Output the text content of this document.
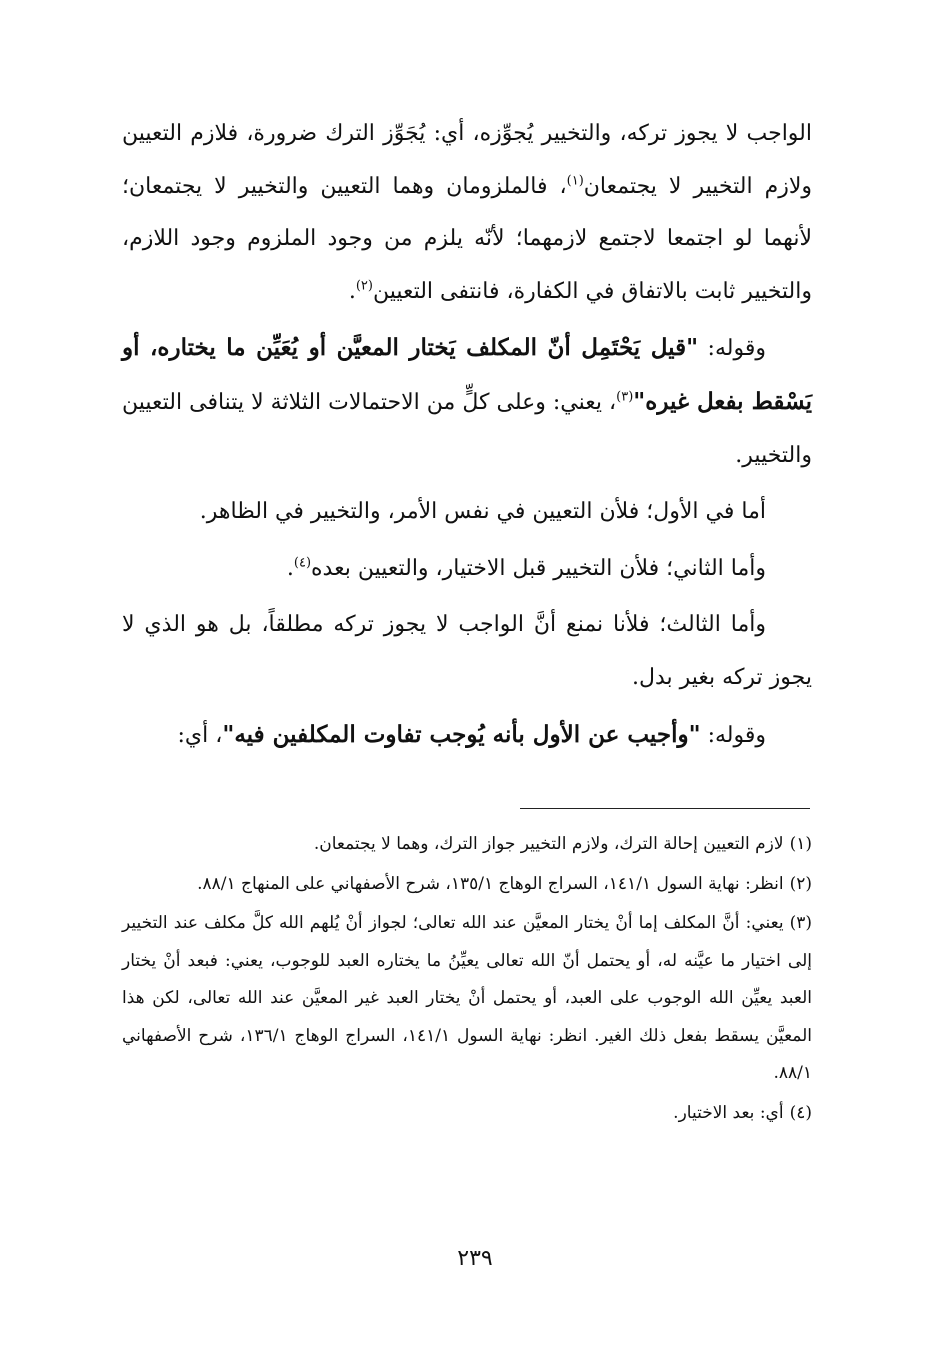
الواجب لا يجوز تركه، والتخيير يُجوِّزه، أي: يُجَوِّز الترك ضرورة، فلازم التعيين ولازم التخيير لا يجتمعان$^{(١)}$، فالملزومان وهما التعيين والتخيير لا يجتمعان؛ لأنهما لو اجتمعا لاجتمع لازمهما؛ لأنّه يلزم من وجود الملزوم وجود اللازم، والتخيير ثابت بالاتفاق في الكفارة، فانتفى التعيين$^{(٢)}$.

وقوله: "قيل يَحْتَمِل أنّ المكلف يَختار المعيَّن أو يُعَيِّن ما يختاره، أو يَسْقط بفعل غيره"$^{(٣)}$، يعني: وعلى كلٍّ من الاحتمالات الثلاثة لا يتنافى التعيين والتخيير.

أما في الأول؛ فلأن التعيين في نفس الأمر، والتخيير في الظاهر.

وأما الثاني؛ فلأن التخيير قبل الاختيار، والتعيين بعده$^{(٤)}$.

وأما الثالث؛ فلأنا نمنع أنَّ الواجب لا يجوز تركه مطلقاً، بل هو الذي لا يجوز تركه بغير بدل.

وقوله: "وأجيب عن الأول بأنه يُوجب تفاوت المكلفين فيه"، أي:

(١)لازم التعيين إحالة الترك، ولازم التخيير جواز الترك، وهما لا يجتمعان.
(٢)انظر: نهاية السول ١٤١/١، السراج الوهاج ١٣٥/١، شرح الأصفهاني على المنهاج ٨٨/١.
(٣)يعني: أنَّ المكلف إما أنْ يختار المعيَّن عند الله تعالى؛ لجواز أنْ يُلهم الله كلَّ مكلف عند التخيير إلى اختيار ما عيَّنه له، أو يحتمل أنّ الله تعالى يعيِّنُ ما يختاره العبد للوجوب، يعني: فبعد أنْ يختار العبد يعيِّن الله الوجوب على العبد، أو يحتمل أنْ يختار العبد غير المعيَّن عند الله تعالى، لكن هذا المعيَّن يسقط بفعل ذلك الغير. انظر: نهاية السول ١٤١/١، السراج الوهاج ١٣٦/١، شرح الأصفهاني ٨٨/١.
(٤)أي: بعد الاختيار.
٢٣٩
